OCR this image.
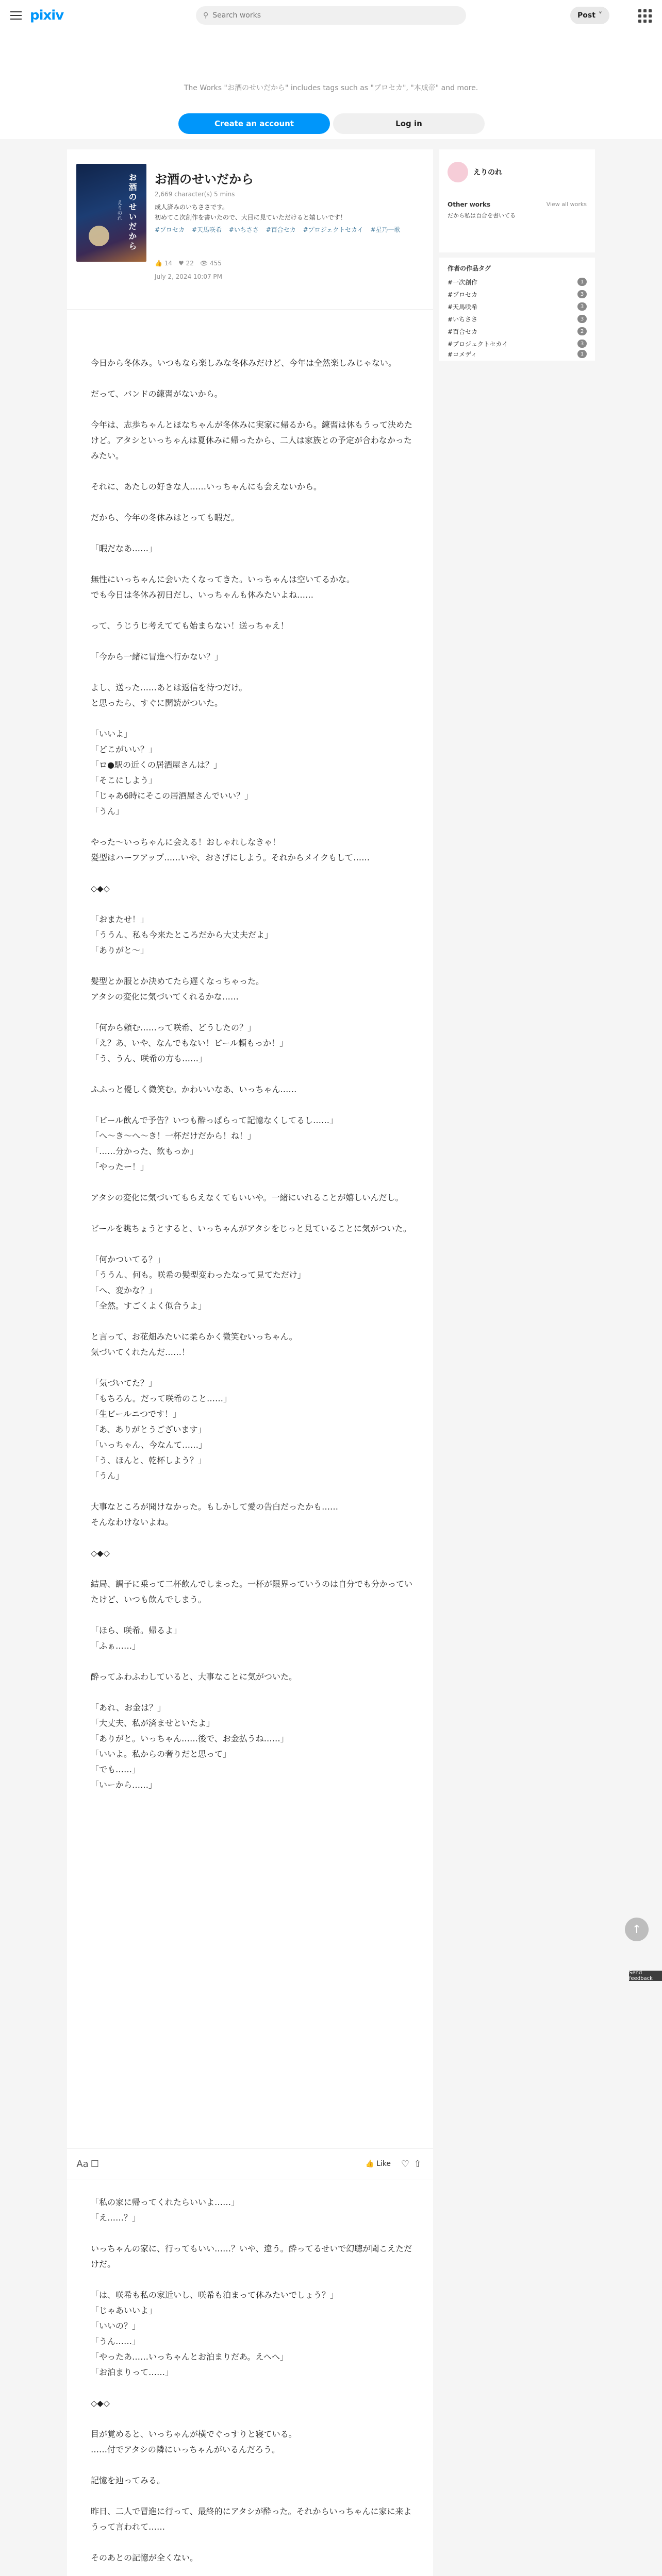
pixiv	⚲
Search works	Post ˅
The Works "お酒のせいだから" includes tags such as "プロセカ", "本成帝" and more.
Create an account	Log in
お酒のせいだから
えりのれ
お酒のせいだから
2,669 character(s) 5 mins
成人済みのいちささです。
初めてこ次創作を書いたので、大目に見ていただけると嬉しいです！
#プロセカ #天馬咲希 #いちささ #百合セカ #プロジェクトセカイ #星乃一歌
👍 14 ♥ 22 👁 455
July 2, 2024 10:07 PM

今日から冬休み。いつもなら楽しみな冬休みだけど、今年は全然楽しみじゃない。

だって、バンドの練習がないから。

今年は、志歩ちゃんとほなちゃんが冬休みに実家に帰るから。練習は休もうって決めたけど。アタシといっちゃんは夏休みに帰ったから、二人は家族との予定が合わなかったみたい。

それに、あたしの好きな人……いっちゃんにも会えないから。

だから、今年の冬休みはとっても暇だ。

「暇だなあ……」

無性にいっちゃんに会いたくなってきた。いっちゃんは空いてるかな。
でも今日は冬休み初日だし、いっちゃんも休みたいよね……

って、うじうじ考えてても始まらない！送っちゃえ！

「今から一緒に冒進へ行かない？」

よし、送った……あとは返信を待つだけ。
と思ったら、すぐに開読がついた。

「いいよ」
「どこがいい？」
「ロ●駅の近くの居酒屋さんは？」
「そこにしよう」
「じゃあ6時にそこの居酒屋さんでいい？」
「うん」

やった～いっちゃんに会える！おしゃれしなきゃ！
髪型はハーフアップ……いや、おさげにしよう。それからメイクもして……

◇◆◇

「おまたせ！」
「ううん、私も今来たところだから大丈夫だよ」
「ありがと～」

髪型とか服とか決めてたら遅くなっちゃった。
アタシの変化に気づいてくれるかな……

「何から頼む……って咲希、どうしたの？」
「え？あ、いや、なんでもない！ビール頼もっか！」
「う、うん、咲希の方も……」

ふふっと優しく微笑む。かわいいなあ、いっちゃん……

「ビール飲んで予告？いつも酔っぱらって記憶なくしてるし……」
「へ～き～へ～き！一杯だけだから！ね！」
「……分かった、飲もっか」
「やったー！」

アタシの変化に気づいてもらえなくてもいいや。一緒にいれることが嬉しいんだし。

ビールを眺ちょうとすると、いっちゃんがアタシをじっと見ていることに気がついた。

「何かついてる？」
「ううん、何も。咲希の髪型変わったなって見てただけ」
「へ、変かな？」
「全然。すごくよく似合うよ」

と言って、お花畑みたいに柔らかく微笑むいっちゃん。
気づいてくれたんだ……！

「気づいてた？」
「もちろん。だって咲希のこと……」
「生ビールニつです！」
「あ、ありがとうございます」
「いっちゃん、今なんて……」
「う、ほんと、乾杯しよう？」
「うん」

大事なところが聞けなかった。もしかして愛の告白だったかも……
そんなわけないよね。

◇◆◇

結局、調子に乗って二杯飲んでしまった。一杯が限界っていうのは自分でも分かっていたけど、いつも飲んでしまう。

「ほら、咲希。帰るよ」
「ふぁ……」

酔ってふわふわしていると、大事なことに気がついた。

「あれ、お金は？」
「大丈夫、私が済ませといたよ」
「ありがと。いっちゃん……後で、お金払うね……」
「いいよ。私からの奢りだと思って」
「でも……」
「いーから……」

Aa ☐	👍 Like ♡ ⇧

「私の家に帰ってくれたらいいよ……」
「え……？」

いっちゃんの家に、行ってもいい……？いや、違う。酔ってるせいで幻聴が聞こえただけだ。

「は、咲希も私の家近いし、咲希も泊まって休みたいでしょう？」
「じゃあいいよ」
「いいの？」
「うん……」
「やったあ……いっちゃんとお泊まりだあ。えへへ」
「お泊まりって……」

◇◆◇

目が覚めると、いっちゃんが横でぐっすりと寝ている。
……付でアタシの隣にいっちゃんがいるんだろう。

記憶を辿ってみる。

昨日、二人で冒進に行って、最終的にアタシが酔った。それからいっちゃんに家に来ようって言われて……

そのあとの記憶が全くない。

えりのれ
Other works	View all works
だから私は百合を書いてる
作者の作品タグ
#一次創作	1
#プロセカ	3
#天馬咲希	3
#いちささ	3
#百合セカ	2
#プロジェクトセカイ	3
#コメディ	1
↑
Send feedback
